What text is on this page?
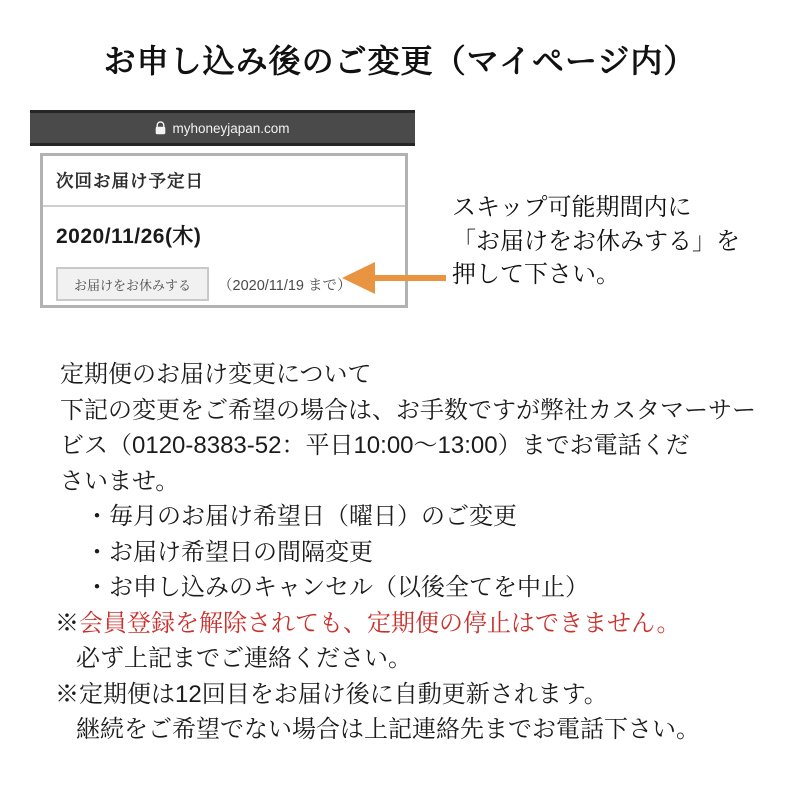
お申し込み後のご変更（マイページ内）
myhoneyjapan.com
次回お届け予定日
2020/11/26(木)
お届けをお休みする	（2020/11/19 まで）
スキップ可能期間内に
「お届けをお休みする」を
押して下さい。
定期便のお届け変更について
下記の変更をご希望の場合は、お手数ですが弊社カスタマーサー
ビス（0120-8383-52：平日10:00～13:00）までお電話くだ
さいませ。
・毎月のお届け希望日（曜日）のご変更
・お届け希望日の間隔変更
・お申し込みのキャンセル（以後全てを中止）
※会員登録を解除されても、定期便の停止はできません。
必ず上記までご連絡ください。
※定期便は12回目をお届け後に自動更新されます。
継続をご希望でない場合は上記連絡先までお電話下さい。
